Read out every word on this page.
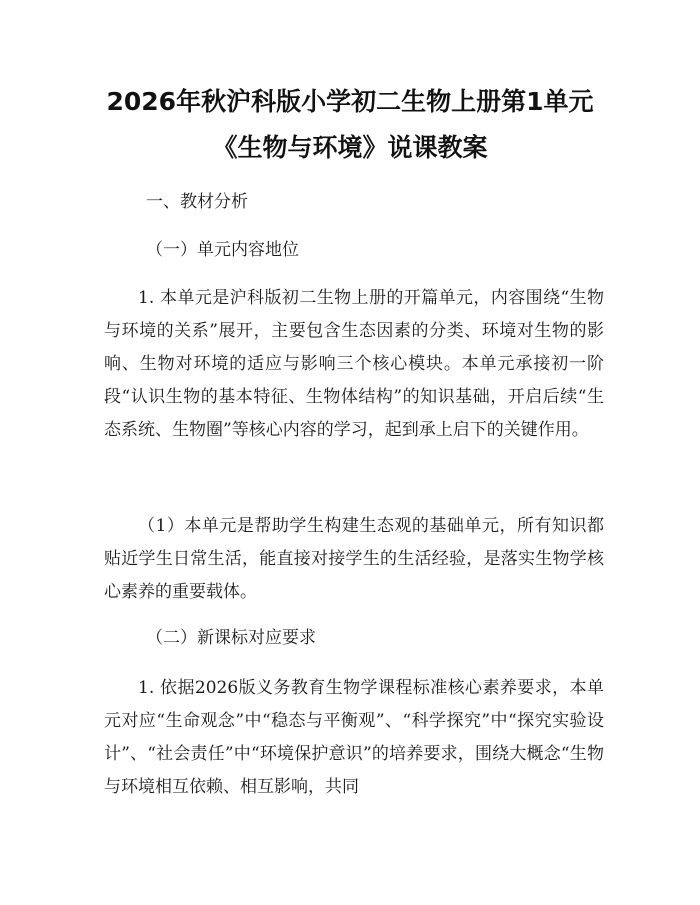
2026年秋沪科版小学初二生物上册第1单元
《生物与环境》说课教案
一、教材分析
（一）单元内容地位
1. 本单元是沪科版初二生物上册的开篇单元，内容围绕“生物与环境的关系”展开，主要包含生态因素的分类、环境对生物的影响、生物对环境的适应与影响三个核心模块。本单元承接初一阶段“认识生物的基本特征、生物体结构”的知识基础，开启后续“生态系统、生物圈”等核心内容的学习，起到承上启下的关键作用。
（1）本单元是帮助学生构建生态观的基础单元，所有知识都贴近学生日常生活，能直接对接学生的生活经验，是落实生物学核心素养的重要载体。
（二）新课标对应要求
1. 依据2026版义务教育生物学课程标准核心素养要求，本单元对应“生命观念”中“稳态与平衡观”、“科学探究”中“探究实验设计”、“社会责任”中“环境保护意识”的培养要求，围绕大概念“生物与环境相互依赖、相互影响，共同
